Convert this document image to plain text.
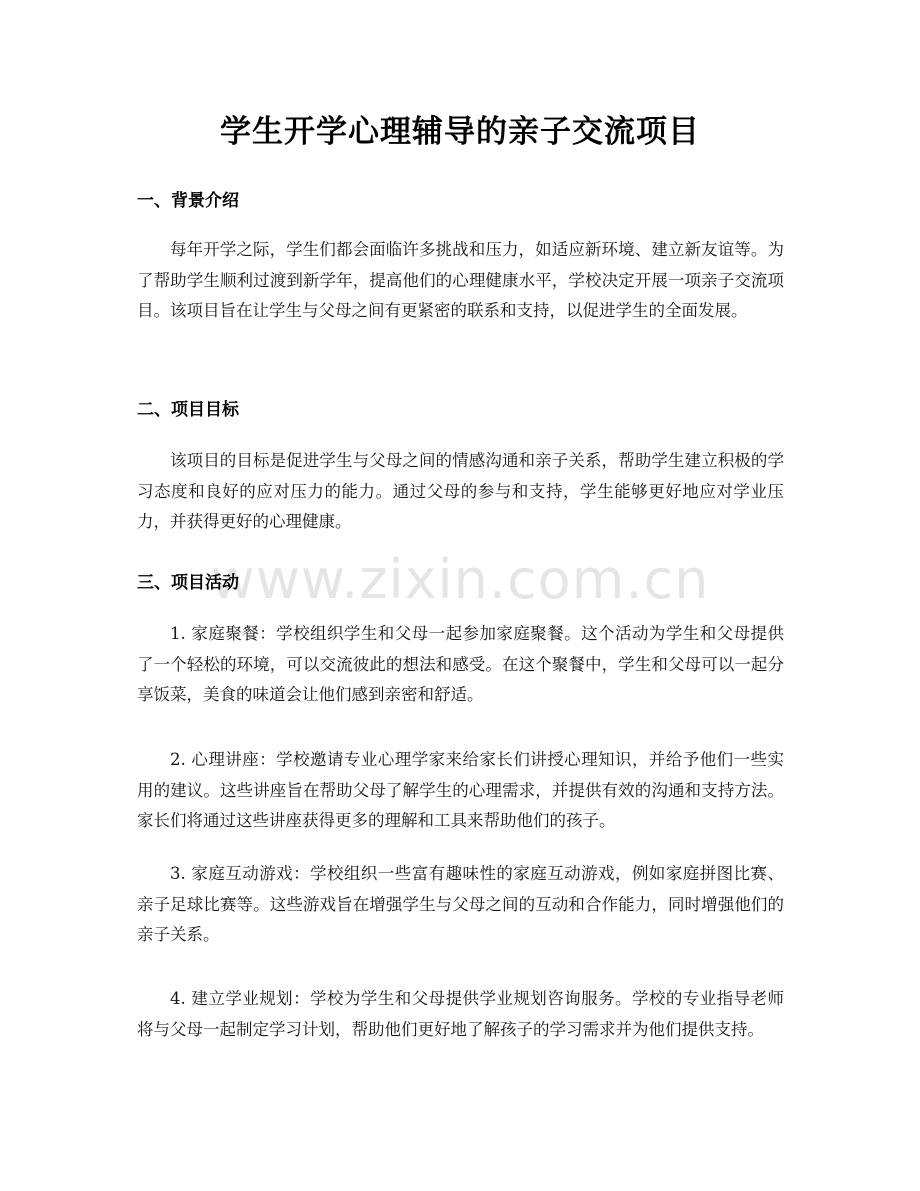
学生开学心理辅导的亲子交流项目
一、背景介绍

每年开学之际，学生们都会面临许多挑战和压力，如适应新环境、建立新友谊等。为了帮助学生顺利过渡到新学年，提高他们的心理健康水平，学校决定开展一项亲子交流项目。该项目旨在让学生与父母之间有更紧密的联系和支持，以促进学生的全面发展。

二、项目目标

该项目的目标是促进学生与父母之间的情感沟通和亲子关系，帮助学生建立积极的学习态度和良好的应对压力的能力。通过父母的参与和支持，学生能够更好地应对学业压力，并获得更好的心理健康。

三、项目活动

1. 家庭聚餐：学校组织学生和父母一起参加家庭聚餐。这个活动为学生和父母提供了一个轻松的环境，可以交流彼此的想法和感受。在这个聚餐中，学生和父母可以一起分享饭菜，美食的味道会让他们感到亲密和舒适。

2. 心理讲座：学校邀请专业心理学家来给家长们讲授心理知识，并给予他们一些实用的建议。这些讲座旨在帮助父母了解学生的心理需求，并提供有效的沟通和支持方法。家长们将通过这些讲座获得更多的理解和工具来帮助他们的孩子。

3. 家庭互动游戏：学校组织一些富有趣味性的家庭互动游戏，例如家庭拼图比赛、亲子足球比赛等。这些游戏旨在增强学生与父母之间的互动和合作能力，同时增强他们的亲子关系。

4. 建立学业规划：学校为学生和父母提供学业规划咨询服务。学校的专业指导老师将与父母一起制定学习计划，帮助他们更好地了解孩子的学习需求并为他们提供支持。

www.zixin.com.cn
